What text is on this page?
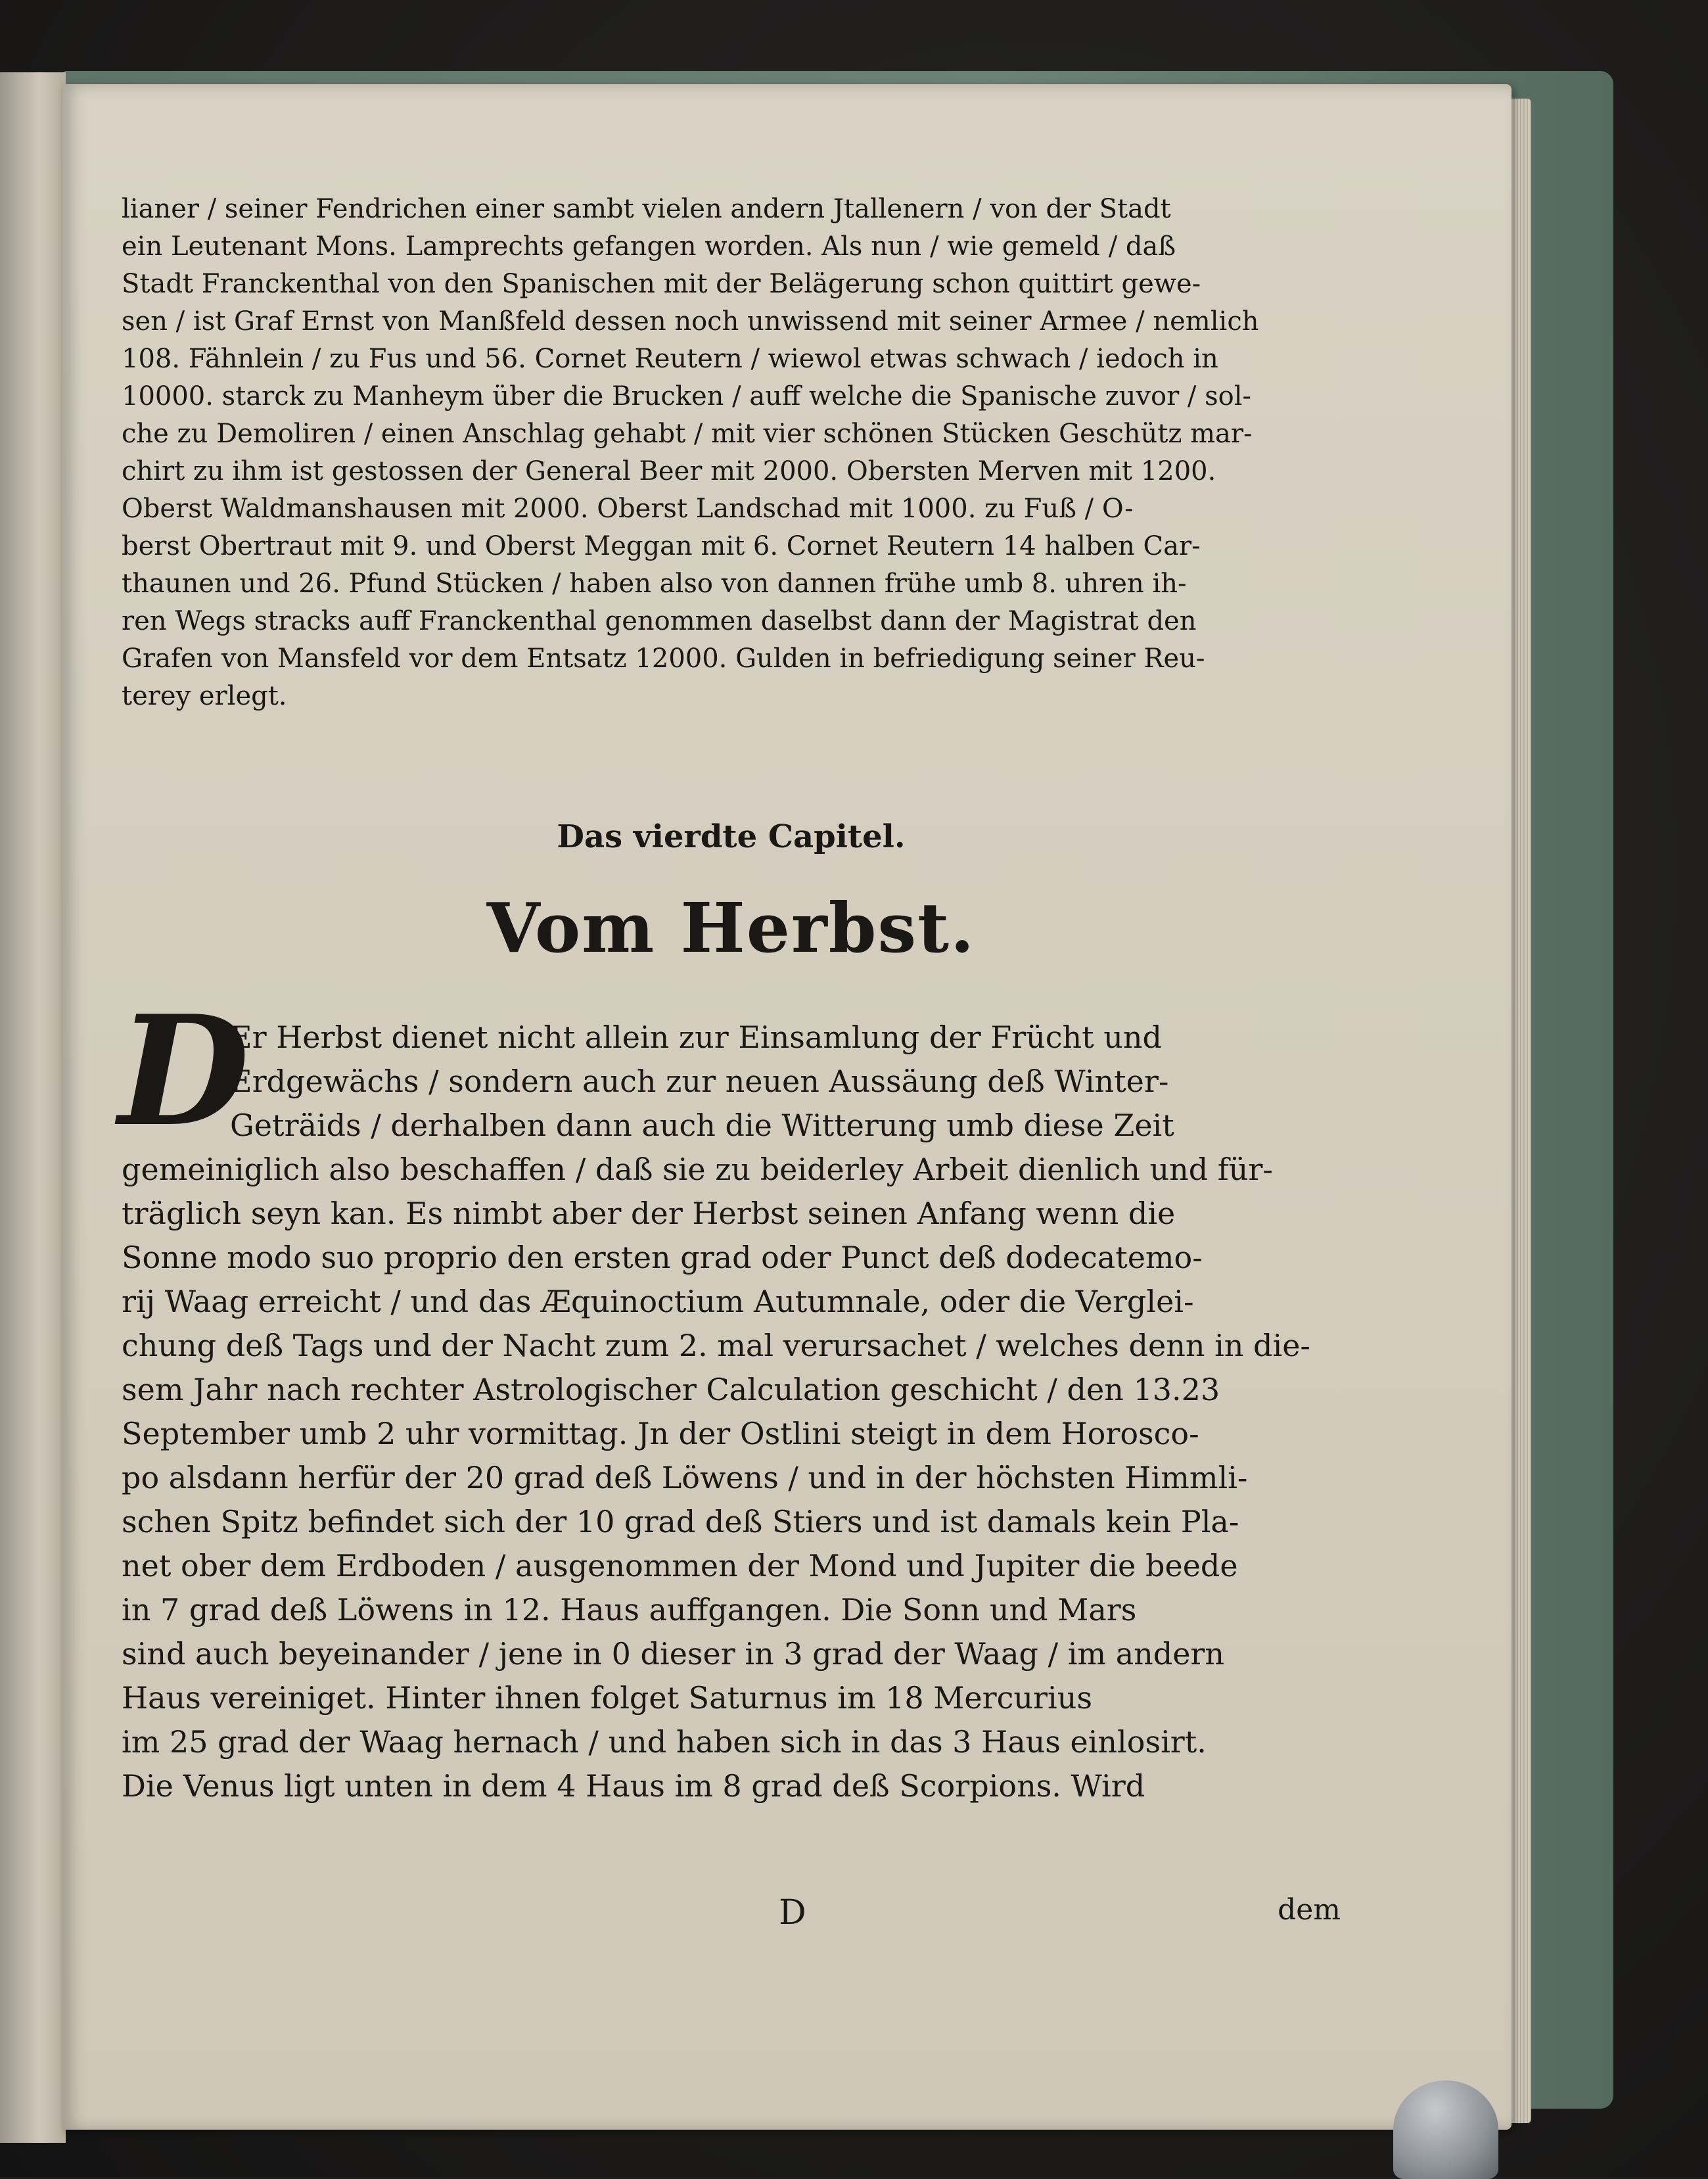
lianer / seiner Fendrichen einer sambt vielen andern Jtallenern / von der Stadt
ein Leutenant Mons. Lamprechts gefangen worden. Als nun / wie gemeld / daß
Stadt Franckenthal von den Spanischen mit der Belägerung schon quittirt gewe-
sen / ist Graf Ernst von Manßfeld dessen noch unwissend mit seiner Armee / nemlich
108. Fähnlein / zu Fus und 56. Cornet Reutern / wiewol etwas schwach / iedoch in
10000. starck zu Manheym über die Brucken / auff welche die Spanische zuvor / sol-
che zu Demoliren / einen Anschlag gehabt / mit vier schönen Stücken Geschütz mar-
chirt zu ihm ist gestossen der General Beer mit 2000. Obersten Merven mit 1200.
Oberst Waldmanshausen mit 2000. Oberst Landschad mit 1000. zu Fuß / O-
berst Obertraut mit 9. und Oberst Meggan mit 6. Cornet Reutern 14 halben Car-
thaunen und 26. Pfund Stücken / haben also von dannen frühe umb 8. uhren ih-
ren Wegs stracks auff Franckenthal genommen daselbst dann der Magistrat den
Grafen von Mansfeld vor dem Entsatz 12000. Gulden in befriedigung seiner Reu-
terey erlegt.
Das vierdte Capitel.
Vom Herbst.
D
Er Herbst dienet nicht allein zur Einsamlung der Frücht und
Erdgewächs / sondern auch zur neuen Aussäung deß Winter-
Geträids / derhalben dann auch die Witterung umb diese Zeit
gemeiniglich also beschaffen / daß sie zu beiderley Arbeit dienlich und für-
träglich seyn kan. Es nimbt aber der Herbst seinen Anfang wenn die
Sonne modo suo proprio den ersten grad oder Punct deß dodecatemo-
rij Waag erreicht / und das Æquinoctium Autumnale, oder die Verglei-
chung deß Tags und der Nacht zum 2. mal verursachet / welches denn in die-
sem Jahr nach rechter Astrologischer Calculation geschicht / den 13.23
September umb 2 uhr vormittag. Jn der Ostlini steigt in dem Horosco-
po alsdann herfür der 20 grad deß Löwens / und in der höchsten Himmli-
schen Spitz befindet sich der 10 grad deß Stiers und ist damals kein Pla-
net ober dem Erdboden / ausgenommen der Mond und Jupiter die beede
in 7 grad deß Löwens in 12. Haus auffgangen. Die Sonn und Mars
sind auch beyeinander / jene in 0 dieser in 3 grad der Waag / im andern
Haus vereiniget. Hinter ihnen folget Saturnus im 18 Mercurius
im 25 grad der Waag hernach / und haben sich in das 3 Haus einlosirt.
Die Venus ligt unten in dem 4 Haus im 8 grad deß Scorpions. Wird
D	dem
